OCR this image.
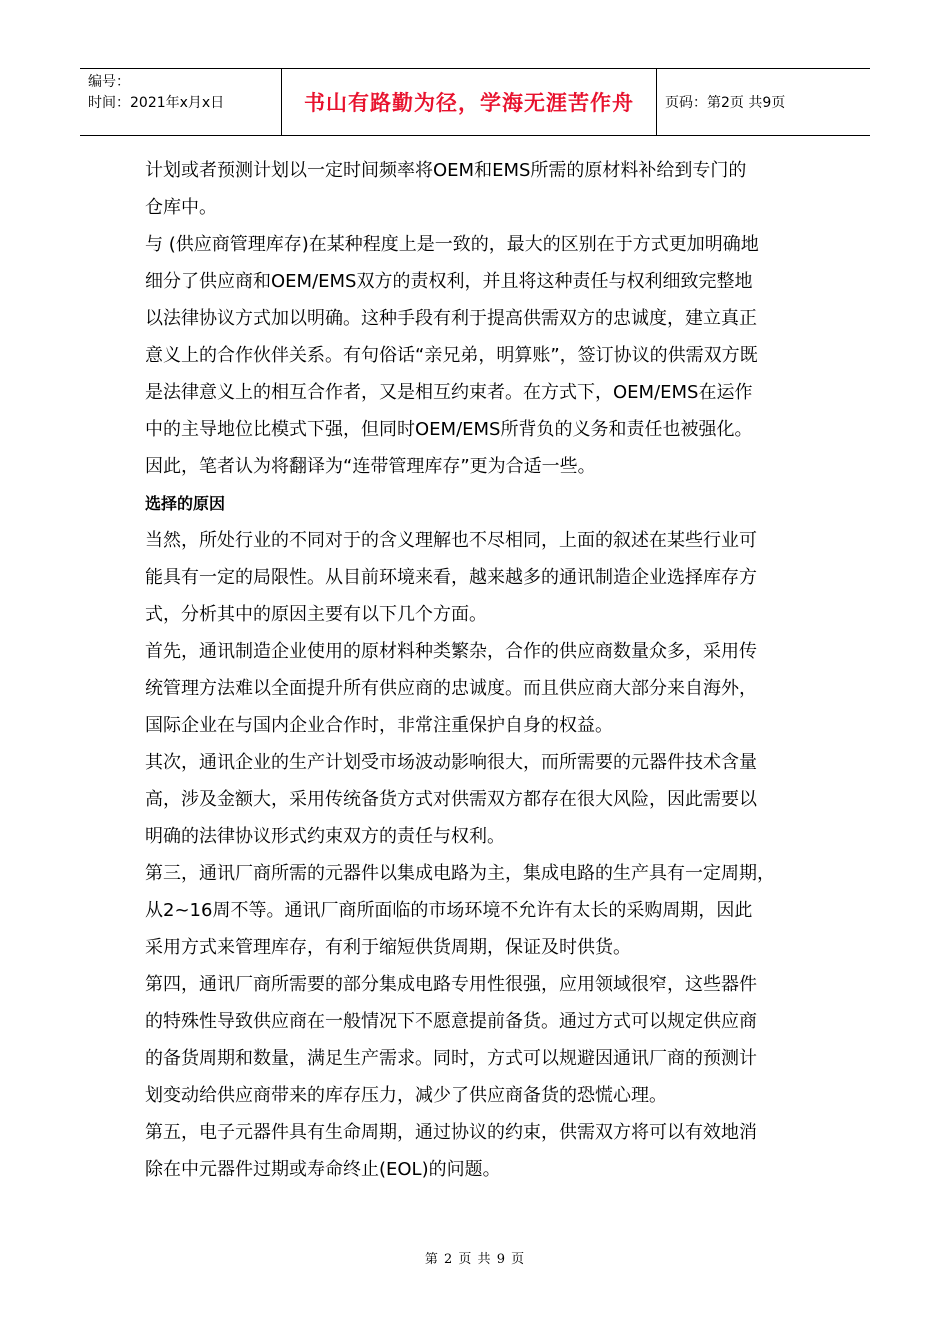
编号：
时间：2021年x月x日	书山有路勤为径，学海无涯苦作舟	页码：第2页 共9页

计划或者预测计划以一定时间频率将OEM和EMS所需的原材料补给到专门的

仓库中。

与 (供应商管理库存)在某种程度上是一致的，最大的区别在于方式更加明确地

细分了供应商和OEM/EMS双方的责权利，并且将这种责任与权利细致完整地

以法律协议方式加以明确。这种手段有利于提高供需双方的忠诚度，建立真正

意义上的合作伙伴关系。有句俗话“亲兄弟，明算账”，签订协议的供需双方既

是法律意义上的相互合作者，又是相互约束者。在方式下，OEM/EMS在运作

中的主导地位比模式下强，但同时OEM/EMS所背负的义务和责任也被强化。

因此，笔者认为将翻译为“连带管理库存”更为合适一些。

选择的原因

当然，所处行业的不同对于的含义理解也不尽相同，上面的叙述在某些行业可

能具有一定的局限性。从目前环境来看，越来越多的通讯制造企业选择库存方

式，分析其中的原因主要有以下几个方面。

首先，通讯制造企业使用的原材料种类繁杂，合作的供应商数量众多，采用传

统管理方法难以全面提升所有供应商的忠诚度。而且供应商大部分来自海外，

国际企业在与国内企业合作时，非常注重保护自身的权益。

其次，通讯企业的生产计划受市场波动影响很大，而所需要的元器件技术含量

高，涉及金额大，采用传统备货方式对供需双方都存在很大风险，因此需要以

明确的法律协议形式约束双方的责任与权利。

第三，通讯厂商所需的元器件以集成电路为主，集成电路的生产具有一定周期，

从2~16周不等。通讯厂商所面临的市场环境不允许有太长的采购周期，因此

采用方式来管理库存，有利于缩短供货周期，保证及时供货。

第四，通讯厂商所需要的部分集成电路专用性很强，应用领域很窄，这些器件

的特殊性导致供应商在一般情况下不愿意提前备货。通过方式可以规定供应商

的备货周期和数量，满足生产需求。同时，方式可以规避因通讯厂商的预测计

划变动给供应商带来的库存压力，减少了供应商备货的恐慌心理。

第五，电子元器件具有生命周期，通过协议的约束，供需双方将可以有效地消

除在中元器件过期或寿命终止(EOL)的问题。

第 2 页 共 9 页
